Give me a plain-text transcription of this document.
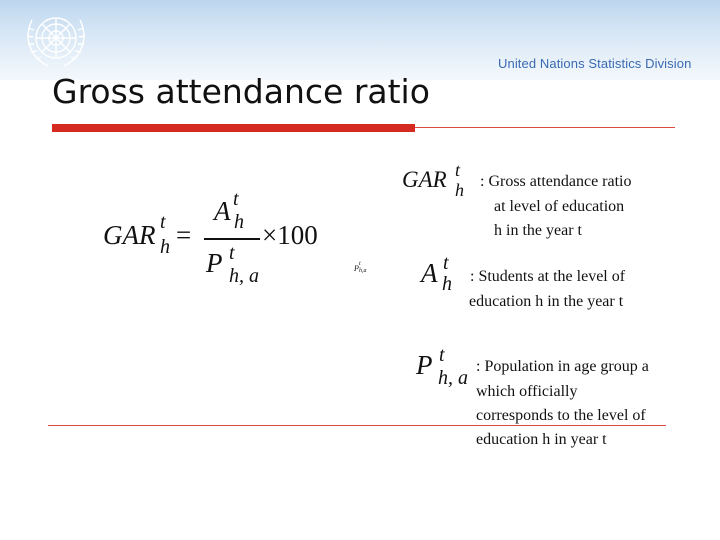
United Nations Statistics Division
Gross attendance ratio
GAR t
h =
A t
h
P t
h, a
×100
P t
h,a
GAR t
h : Gross attendance ratio
at level of education
h in the year t
A t
h : Students at the level of
education h in the year t
P t
h, a
: Population in age group a
which officially
corresponds to the level of
education h in year t
